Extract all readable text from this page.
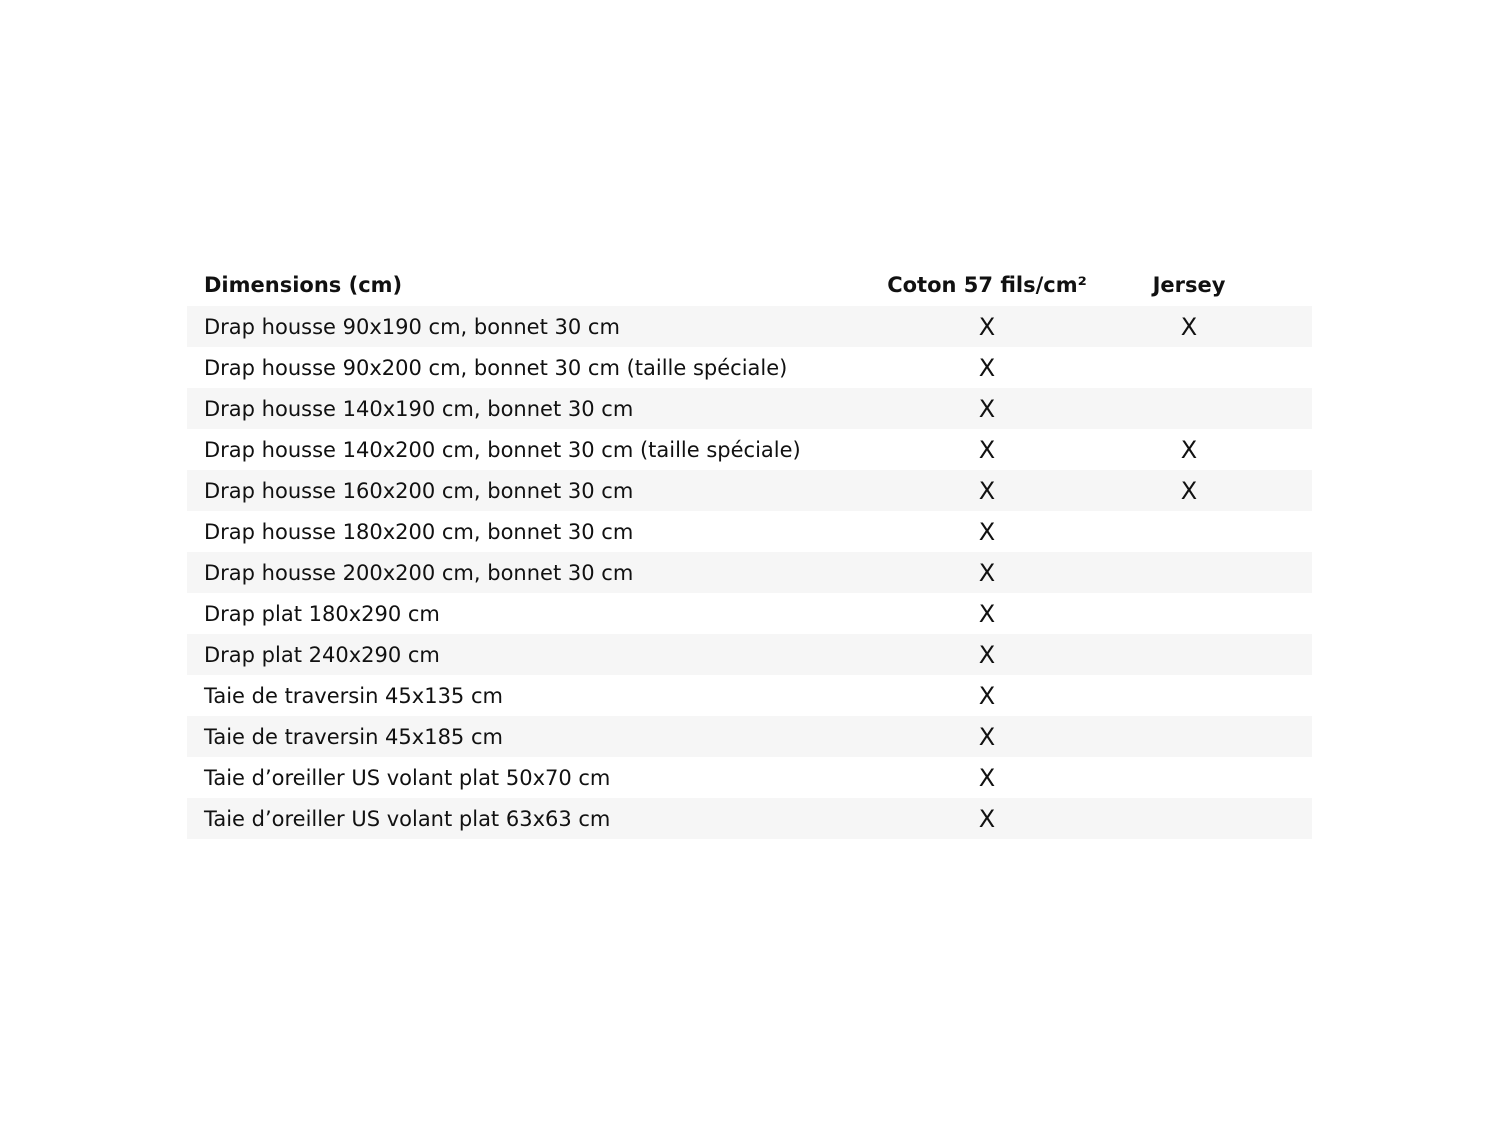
Dimensions (cm)	Coton 57 fils/cm²	Jersey
Drap housse 90x190 cm, bonnet 30 cm	X	X
Drap housse 90x200 cm, bonnet 30 cm (taille spéciale)	X
Drap housse 140x190 cm, bonnet 30 cm	X
Drap housse 140x200 cm, bonnet 30 cm (taille spéciale)	X	X
Drap housse 160x200 cm, bonnet 30 cm	X	X
Drap housse 180x200 cm, bonnet 30 cm	X
Drap housse 200x200 cm, bonnet 30 cm	X
Drap plat 180x290 cm	X
Drap plat 240x290 cm	X
Taie de traversin 45x135 cm	X
Taie de traversin 45x185 cm	X
Taie d’oreiller US volant plat 50x70 cm	X
Taie d’oreiller US volant plat 63x63 cm	X
